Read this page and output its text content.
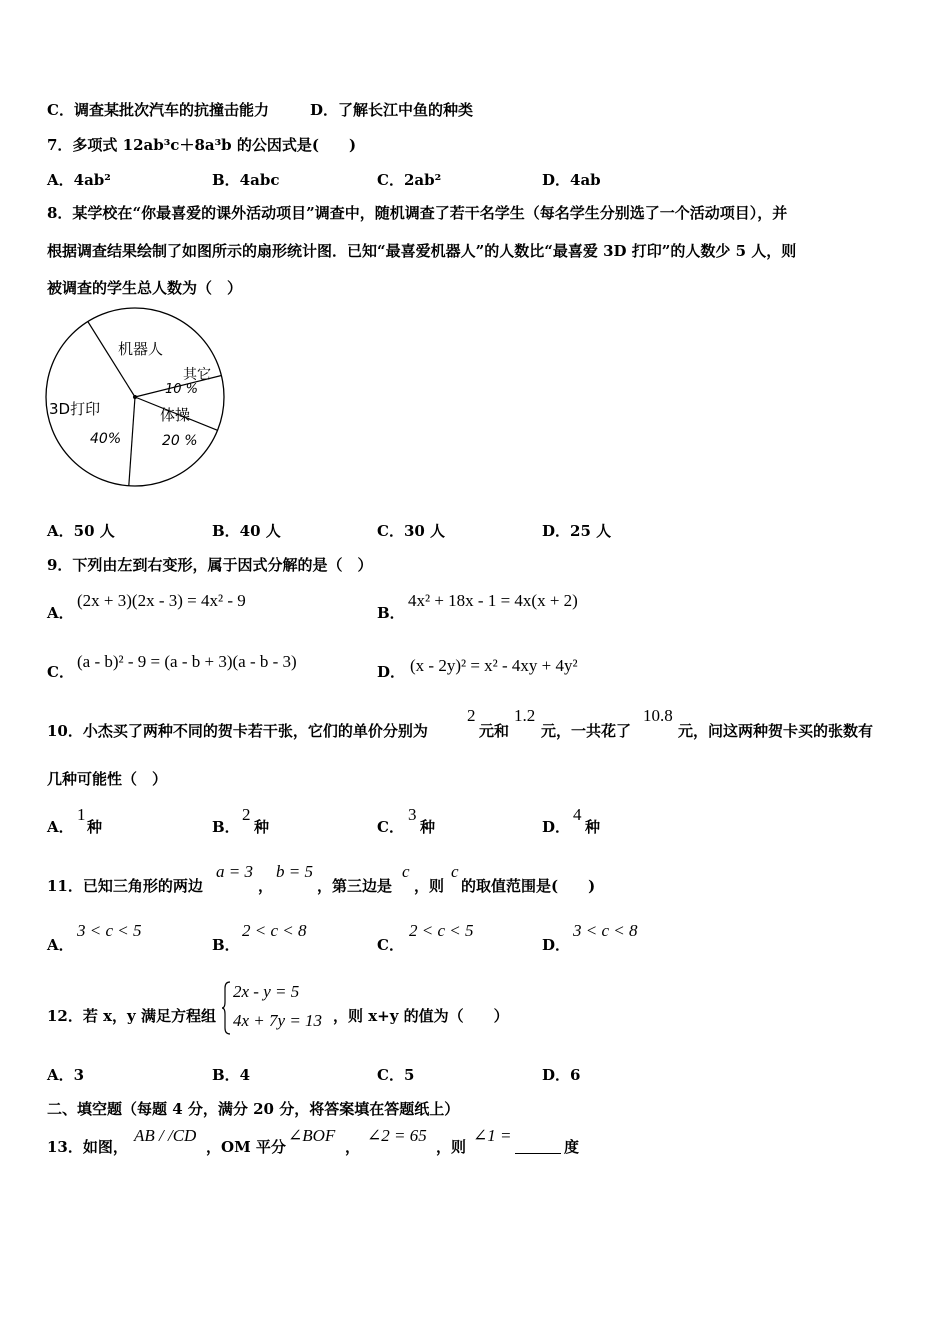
C．调查某批次汽车的抗撞击能力	D．了解长江中鱼的种类
7．多项式 12ab³c＋8a³b 的公因式是(　　)
A．4ab²	B．4abc	C．2ab²	D．4ab
8．某学校在“你最喜爱的课外活动项目”调查中，随机调查了若干名学生（每名学生分别选了一个活动项目），并
根据调查结果绘制了如图所示的扇形统计图．已知“最喜爱机器人”的人数比“最喜爱 3D 打印”的人数少 5 人，则
被调查的学生总人数为（　）
机器人
其它
10 %
体操
20 %
3D打印
40%
A．50 人	B．40 人	C．30 人	D．25 人
9．下列由左到右变形，属于因式分解的是（　）
A．
(2x + 3)(2x - 3) = 4x² - 9
B．
4x² + 18x - 1 = 4x(x + 2)
C．
(a - b)² - 9 = (a - b + 3)(a - b - 3)
D． (x - 2y)² = x² - 4xy + 4y²
10．小杰买了两种不同的贺卡若干张，它们的单价分别为
2
元和
1.2
元，一共花了
10.8
元，问这两种贺卡买的张数有
几种可能性（　）
A．
1
种	B．
2
种	C．
3
种	D．
4
种
11．已知三角形的两边
a = 3
，
b = 5
，第三边是
c
，则
c
的取值范围是(　　)
A．
3 < c < 5
B．
2 < c < 8
C．
2 < c < 5
D．
3 < c < 8
12．若 x，y 满足方程组
2x - y = 5
4x + 7y = 13 ，则 x+y 的值为（　　）
A．3	B．4	C．5	D．6
二、填空题（每题 4 分，满分 20 分，将答案填在答题纸上）
13．如图，
AB / /CD
，OM 平分
∠BOF
，
∠2 = 65
，则
∠1 =
度
